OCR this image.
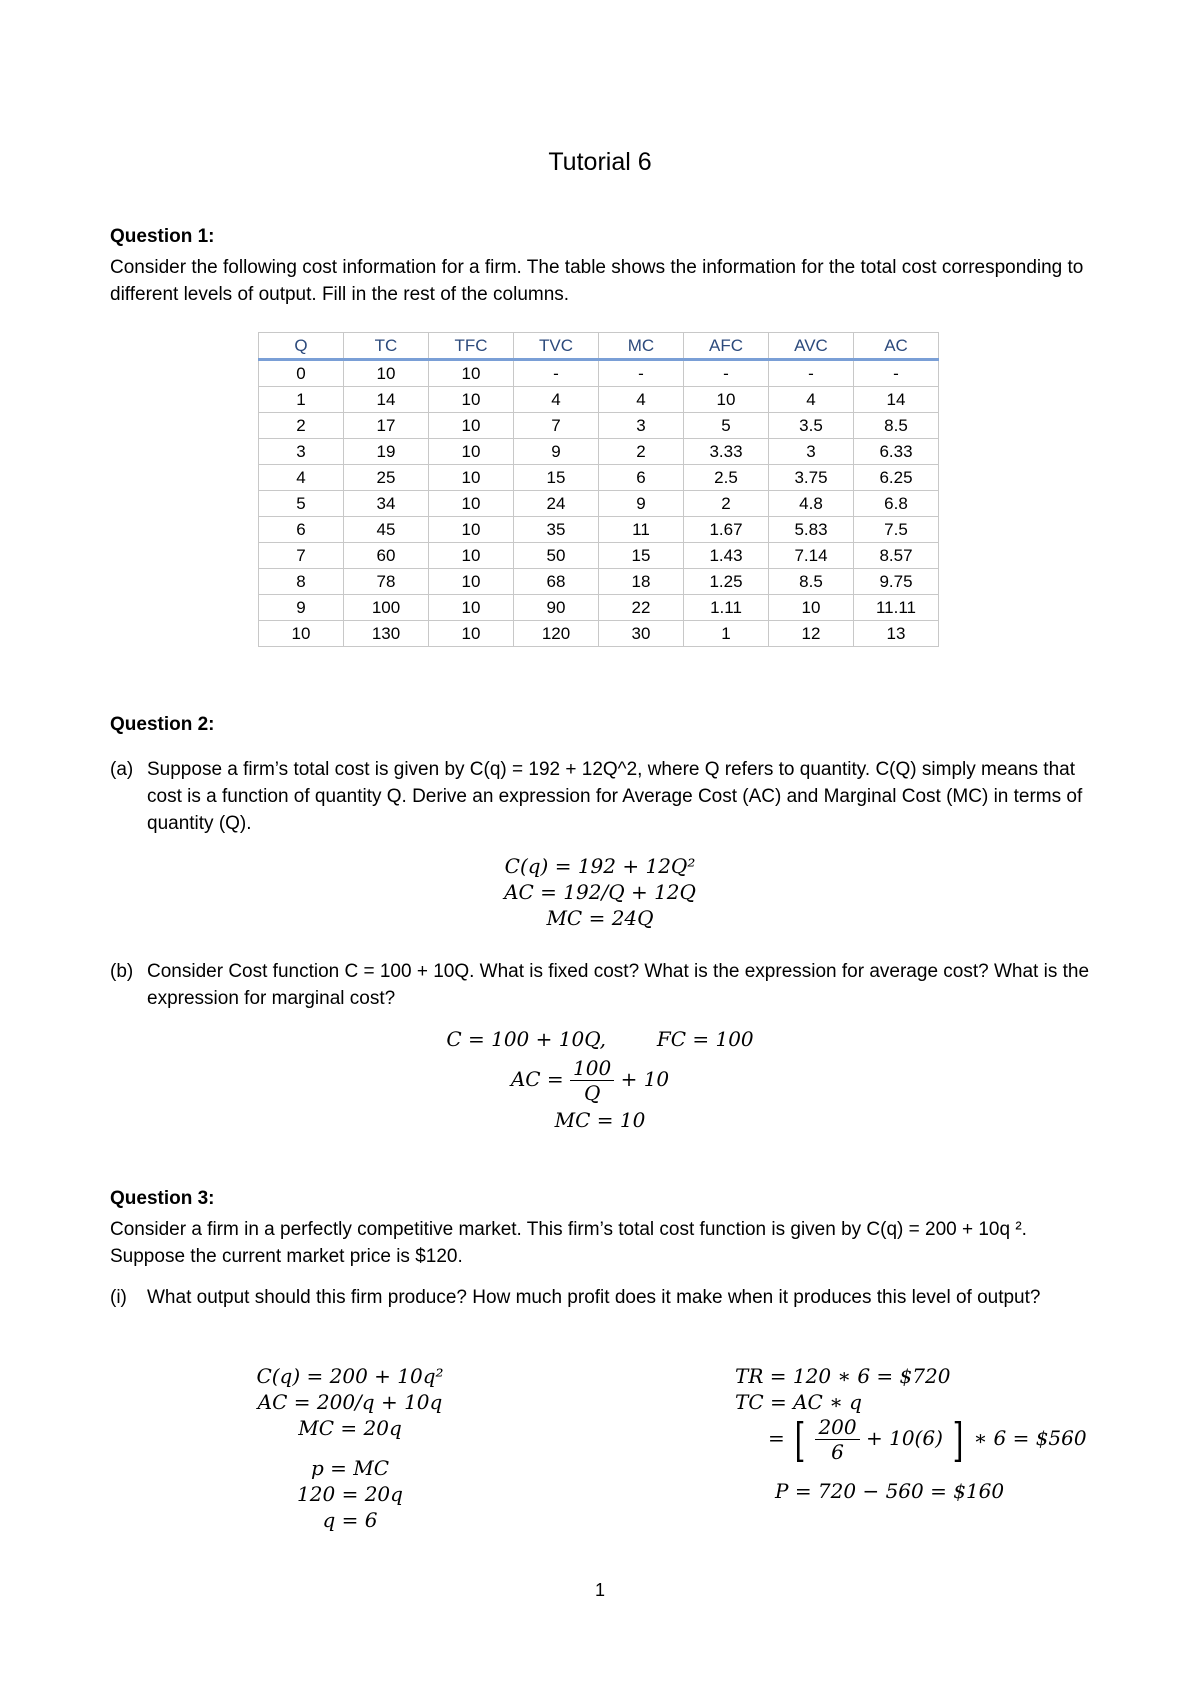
Tutorial 6
Question 1:
Consider the following cost information for a firm. The table shows the information for the total cost corresponding to different levels of output. Fill in the rest of the columns.
Q	TC	TFC	TVC	MC	AFC	AVC	AC
0	10	10	-	-	-	-	-
1	14	10	4	4	10	4	14
2	17	10	7	3	5	3.5	8.5
3	19	10	9	2	3.33	3	6.33
4	25	10	15	6	2.5	3.75	6.25
5	34	10	24	9	2	4.8	6.8
6	45	10	35	11	1.67	5.83	7.5
7	60	10	50	15	1.43	7.14	8.57
8	78	10	68	18	1.25	8.5	9.75
9	100	10	90	22	1.11	10	11.11
10	130	10	120	30	1	12	13
Question 2:
(a) Suppose a firm’s total cost is given by C(q) = 192 + 12Q^2, where Q refers to quantity. C(Q) simply means that cost is a function of quantity Q. Derive an expression for Average Cost (AC) and Marginal Cost (MC) in terms of quantity (Q).
C(q) = 192 + 12Q²
AC = 192/Q + 12Q
MC = 24Q
(b) Consider Cost function C = 100 + 10Q. What is fixed cost? What is the expression for average cost? What is the expression for marginal cost?
C = 100 + 10Q,        FC = 100
AC = $\frac{100}{Q} + 10$
MC = 10
Question 3:
Consider a firm in a perfectly competitive market. This firm’s total cost function is given by C(q) = 200 + 10q ². Suppose the current market price is $120.
(i) What output should this firm produce? How much profit does it make when it produces this level of output?
C(q) = 200 + 10q²
AC = 200/q + 10q
MC = 20q
p = MC
120 = 20q
q = 6
TR = 120 ∗ 6 = $720
TC = AC ∗ q
= [ $\frac{200}{6} + 10(6)$ ] ∗ 6 = $560
P = 720 − 560 = $160
1
